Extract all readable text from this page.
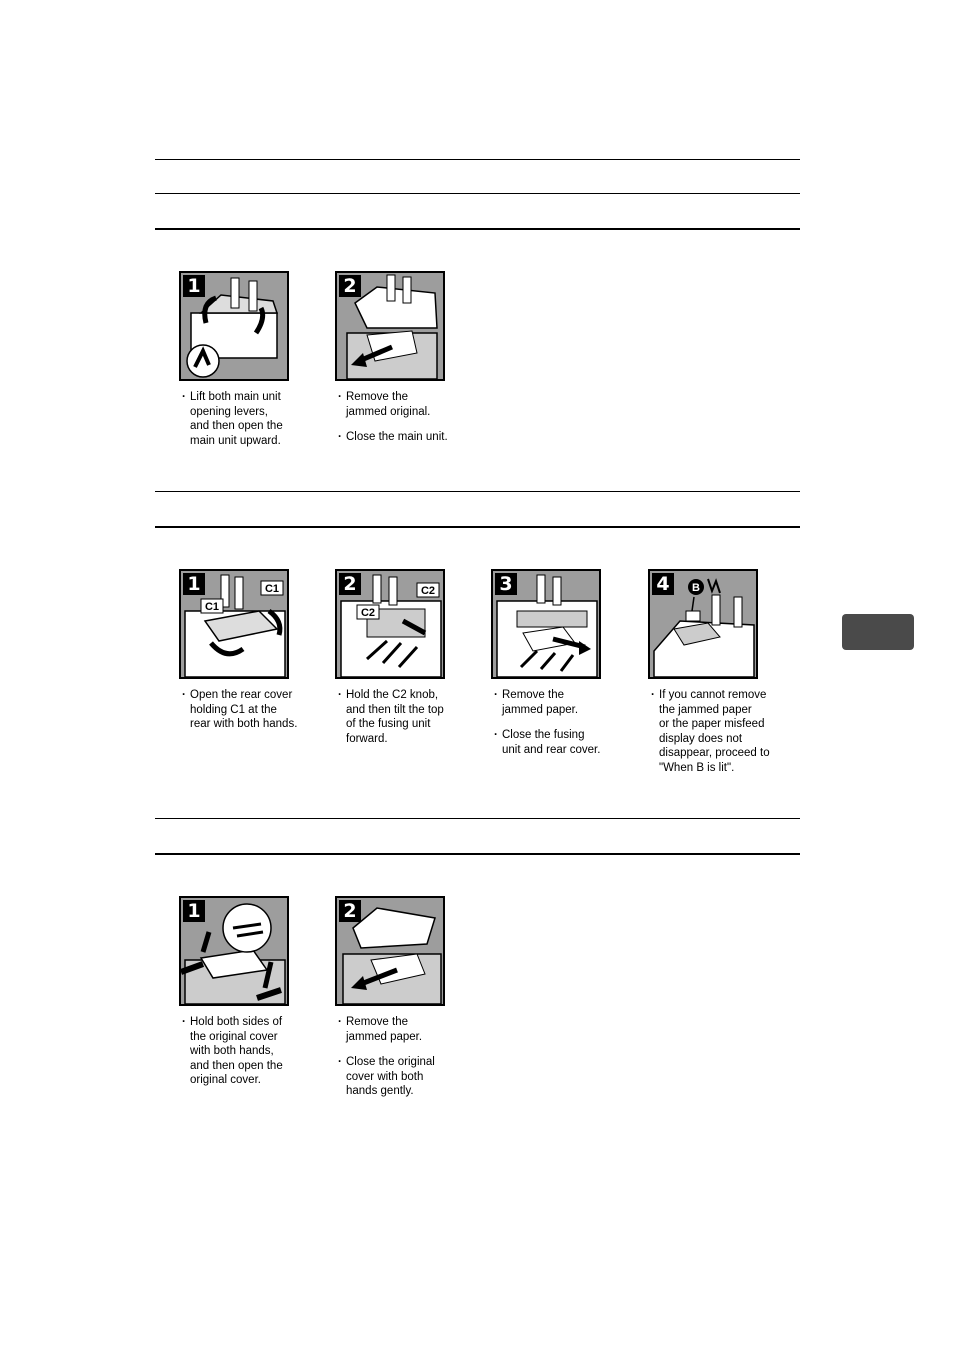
1
· Lift both main unit
opening levers,
and then open the
main unit upward.
2
· Remove the
jammed original.
· Close the main unit.
1	C1
C1
· Open the rear cover
holding C1 at the
rear with both hands.
2	C2
C2
· Hold the C2 knob,
and then tilt the top
of the fusing unit
forward.
3
· Remove the
jammed paper.
· Close the fusing
unit and rear cover.
4	B
· If you cannot remove
the jammed paper
or the paper misfeed
display does not
disappear, proceed to
"When B is lit".
1
· Hold both sides of
the original cover
with both hands,
and then open the
original cover.
2
· Remove the
jammed paper.
· Close the original
cover with both
hands gently.
